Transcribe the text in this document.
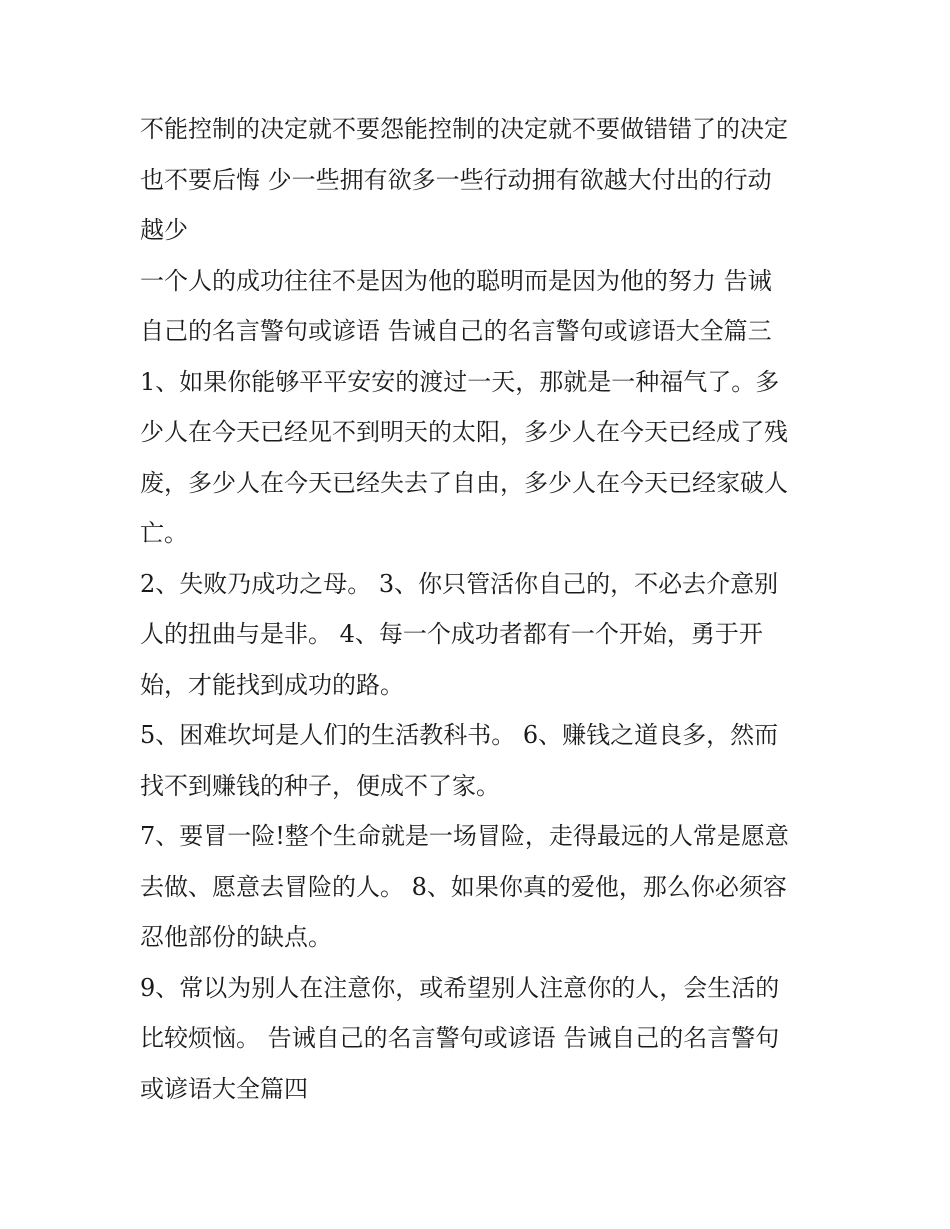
不能控制的决定就不要怨能控制的决定就不要做错错了的决定
也不要后悔 少一些拥有欲多一些行动拥有欲越大付出的行动
越少

一个人的成功往往不是因为他的聪明而是因为他的努力 告诫
自己的名言警句或谚语 告诫自己的名言警句或谚语大全篇三

1、如果你能够平平安安的渡过一天，那就是一种福气了。多
少人在今天已经见不到明天的太阳，多少人在今天已经成了残
废，多少人在今天已经失去了自由，多少人在今天已经家破人
亡。

2、失败乃成功之母。 3、你只管活你自己的，不必去介意别
人的扭曲与是非。 4、每一个成功者都有一个开始，勇于开
始，才能找到成功的路。

5、困难坎坷是人们的生活教科书。 6、赚钱之道良多，然而
找不到赚钱的种子，便成不了家。

7、要冒一险!整个生命就是一场冒险，走得最远的人常是愿意
去做、愿意去冒险的人。 8、如果你真的爱他，那么你必须容
忍他部份的缺点。

9、常以为别人在注意你，或希望别人注意你的人，会生活的
比较烦恼。 告诫自己的名言警句或谚语 告诫自己的名言警句
或谚语大全篇四
